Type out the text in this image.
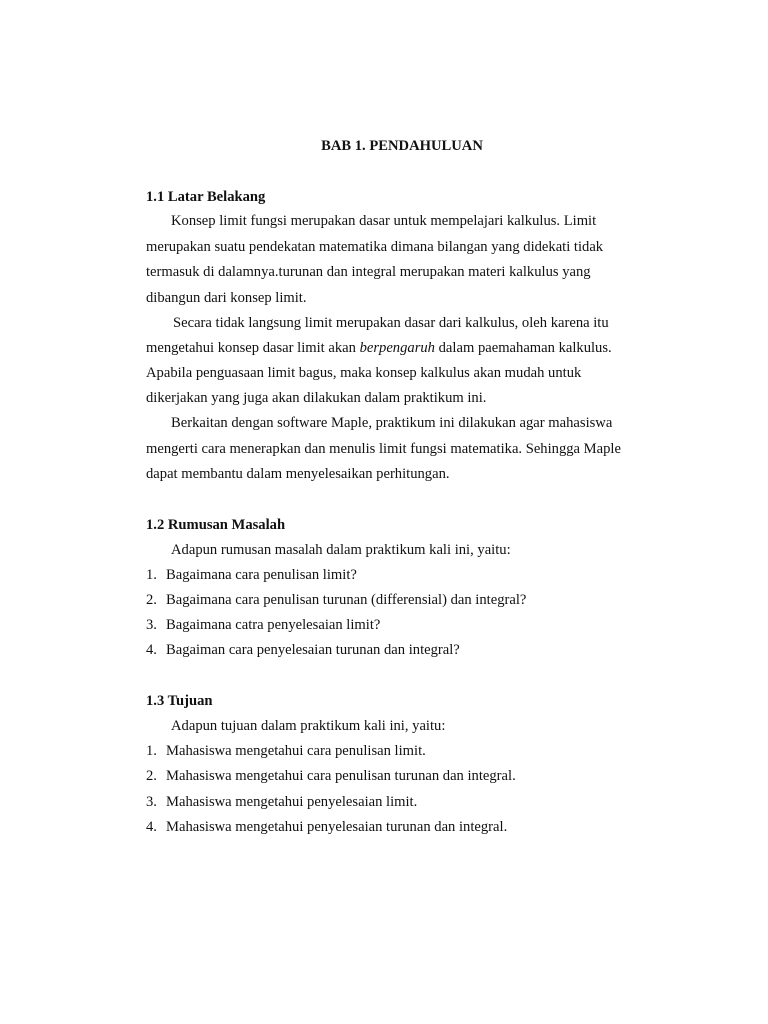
BAB 1. PENDAHULUAN
1.1 Latar Belakang
Konsep limit fungsi merupakan dasar untuk mempelajari kalkulus. Limit
merupakan suatu pendekatan matematika dimana bilangan yang didekati tidak
termasuk di dalamnya.turunan dan integral merupakan materi kalkulus yang
dibangun dari konsep limit.
Secara tidak langsung limit merupakan dasar dari kalkulus, oleh karena itu
mengetahui konsep dasar limit akan berpengaruh dalam paemahaman kalkulus.
Apabila penguasaan limit bagus, maka konsep kalkulus akan mudah untuk
dikerjakan yang juga akan dilakukan dalam praktikum ini.
Berkaitan dengan software Maple, praktikum ini dilakukan agar mahasiswa
mengerti cara menerapkan dan menulis limit fungsi matematika. Sehingga Maple
dapat membantu dalam menyelesaikan perhitungan.
1.2 Rumusan Masalah
Adapun rumusan masalah dalam praktikum kali ini, yaitu:
1. Bagaimana cara penulisan limit?
2. Bagaimana cara penulisan turunan (differensial) dan integral?
3. Bagaimana catra penyelesaian limit?
4. Bagaiman cara penyelesaian turunan dan integral?
1.3 Tujuan
Adapun tujuan dalam praktikum kali ini, yaitu:
1. Mahasiswa mengetahui cara penulisan limit.
2. Mahasiswa mengetahui cara penulisan turunan dan integral.
3. Mahasiswa mengetahui penyelesaian limit.
4. Mahasiswa mengetahui penyelesaian turunan dan integral.
